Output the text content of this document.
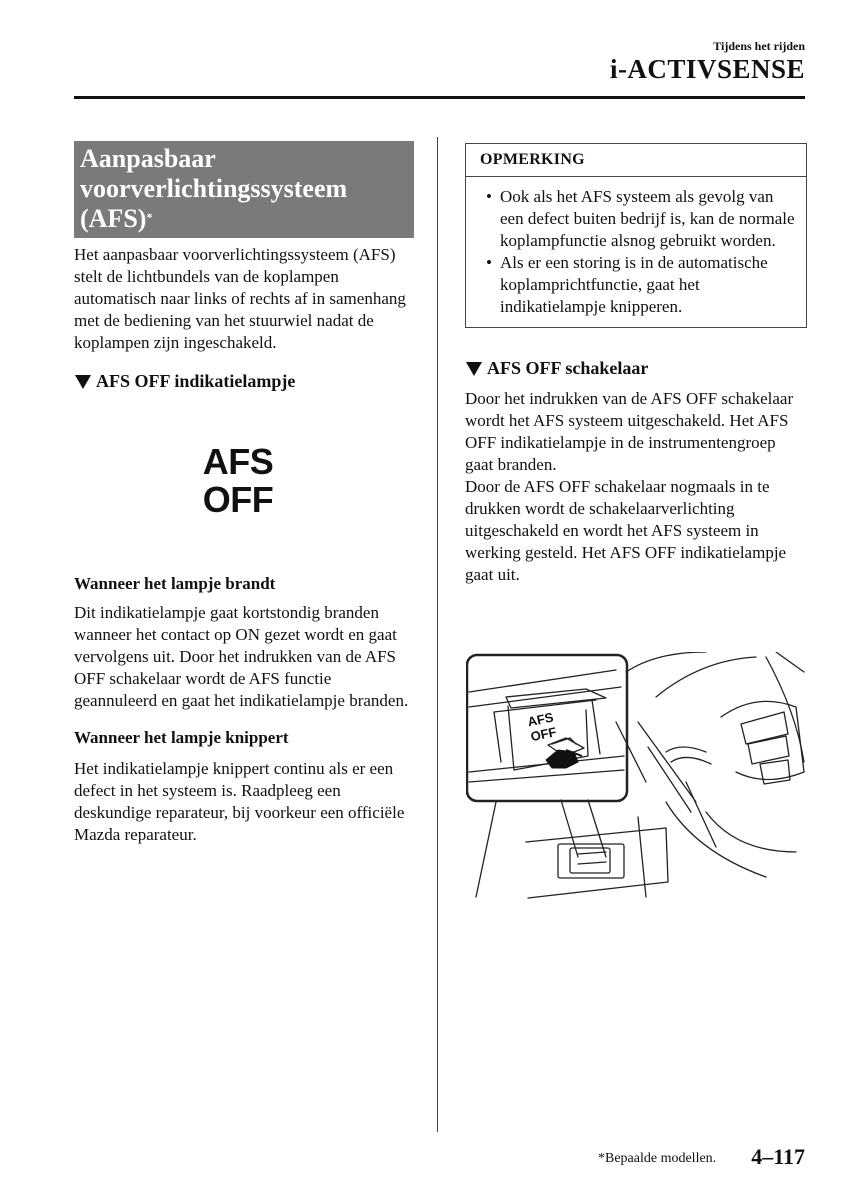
Tijdens het rijden
i-ACTIVSENSE
Aanpasbaar
voorverlichtingssysteem
(AFS)*

Het aanpasbaar voorverlichtingssysteem (AFS) stelt de lichtbundels van de koplampen automatisch naar links of rechts af in samenhang met de bediening van het stuurwiel nadat de koplampen zijn ingeschakeld.

AFS OFF indikatielampje
AFS
OFF
Wanneer het lampje brandt

Dit indikatielampje gaat kortstondig branden wanneer het contact op ON gezet wordt en gaat vervolgens uit. Door het indrukken van de AFS OFF schakelaar wordt de AFS functie geannuleerd en gaat het indikatielampje branden.

Wanneer het lampje knippert

Het indikatielampje knippert continu als er een defect in het systeem is. Raadpleeg een deskundige reparateur, bij voorkeur een officiële Mazda reparateur.

OPMERKING
• Ook als het AFS systeem als gevolg van een defect buiten bedrijf is, kan de normale koplampfunctie alsnog gebruikt worden.
• Als er een storing is in de automatische koplamprichtfunctie, gaat het indikatielampje knipperen.
AFS OFF schakelaar

Door het indrukken van de AFS OFF schakelaar wordt het AFS systeem uitgeschakeld. Het AFS OFF indikatielampje in de instrumentengroep gaat branden.

Door de AFS OFF schakelaar nogmaals in te drukken wordt de schakelaarverlichting uitgeschakeld en wordt het AFS systeem in werking gesteld. Het AFS OFF indikatielampje gaat uit.

AFS
OFF
*Bepaalde modellen. 4–117
